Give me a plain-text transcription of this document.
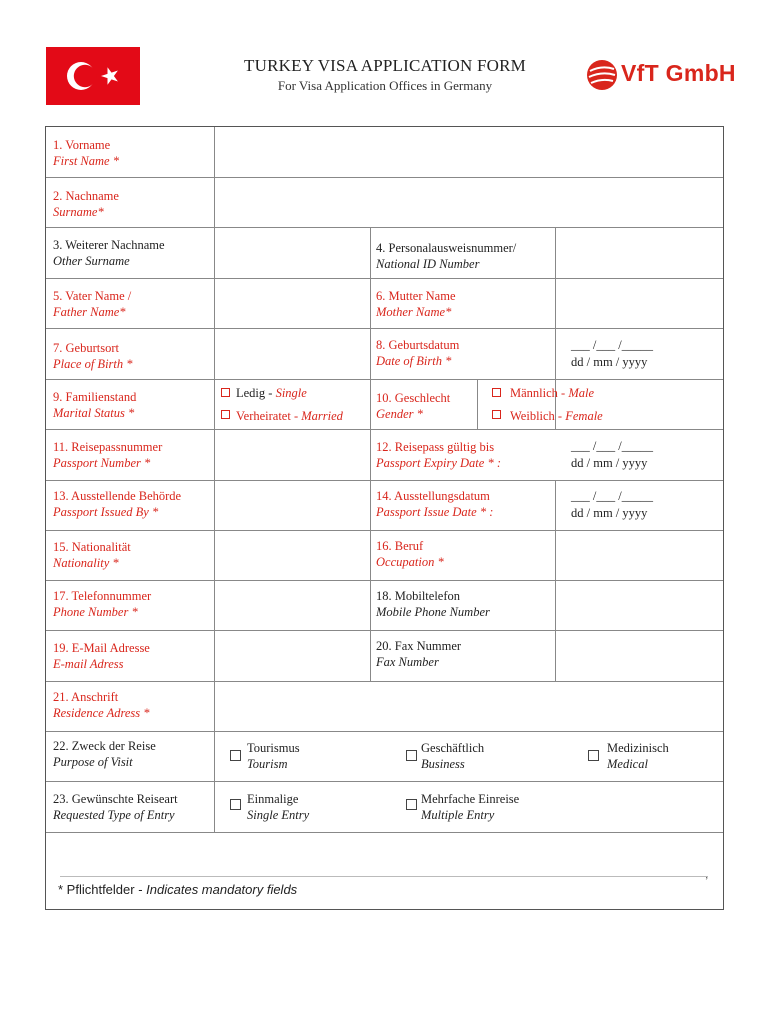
TURKEY VISA APPLICATION FORM
For Visa Application Offices in Germany	VfT GmbH
1. Vorname
First Name *
2. Nachname
Surname*
3. Weiterer Nachname
Other Surname
4. Personalausweisnummer/
National ID Number
5. Vater Name /
Father Name*
6. Mutter Name
Mother Name*
7. Geburtsort
Place of Birth *
8. Geburtsdatum
Date of Birth *
___ /___ /_____
dd / mm / yyyy
9. Familienstand
Marital Status *
Ledig - Single
Verheiratet - Married
10. Geschlecht
Gender *
Männlich - Male
Weiblich - Female
11. Reisepassnummer
Passport Number *
12. Reisepass gültig bis
Passport Expiry Date * :
___ /___ /_____
dd / mm / yyyy
13. Ausstellende Behörde
Passport Issued By *
14. Ausstellungsdatum
Passport Issue Date * :
___ /___ /_____
dd / mm / yyyy
15. Nationalität
Nationality *
16. Beruf
Occupation *
17. Telefonnummer
Phone Number *
18. Mobiltelefon
Mobile Phone Number
19. E-Mail Adresse
E-mail Adress
20. Fax Nummer
Fax Number
21. Anschrift
Residence Adress *
22. Zweck der Reise
Purpose of Visit
Tourismus
Tourism
Geschäftlich
Business
Medizinisch
Medical
23. Gewünschte Reiseart
Requested Type of Entry
Einmalige
Single Entry
Mehrfache Einreise
Multiple Entry
* Pflichtfelder - Indicates mandatory fields
ʼ
